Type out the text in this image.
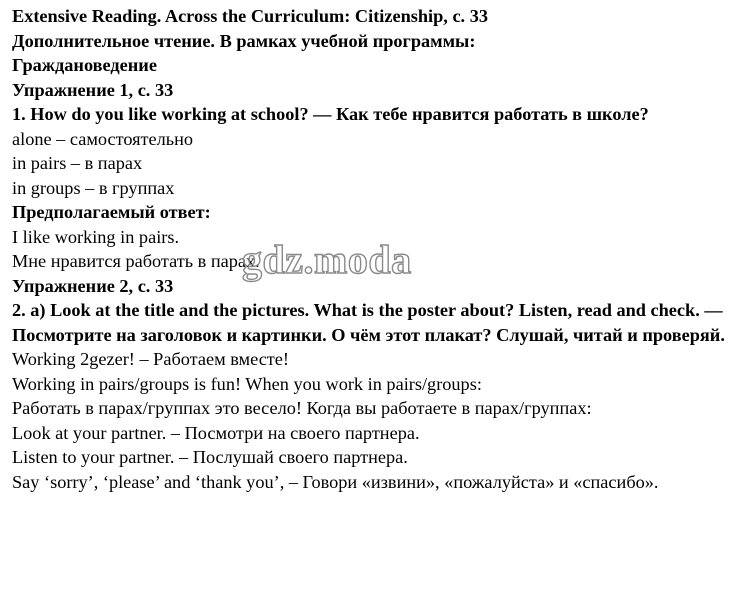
Extensive Reading. Across the Curriculum: Citizenship, с. 33

Дополнительное чтение. В рамках учебной программы:

Граждановедение

Упражнение 1, с. 33

1. How do you like working at school? — Как тебе нравится работать в школе?

alone – самостоятельно

in pairs – в парах

in groups – в группах

Предполагаемый ответ:

I like working in pairs.

Мне нравится работать в парах.

Упражнение 2, с. 33

2. a) Look at the title and the pictures. What is the poster about? Listen, read and check. — Посмотрите на заголовок и картинки. О чём этот плакат? Слушай, читай и проверяй.

Working 2gezer! – Работаем вместе!

Working in pairs/groups is fun! When you work in pairs/groups:

Работать в парах/группах это весело! Когда вы работаете в парах/группах:

Look at your partner. – Посмотри на своего партнера.

Listen to your partner. – Послушай своего партнера.

Say ‘sorry’, ‘please’ and ‘thank you’, – Говори «извини», «пожалуйста» и «спасибо».

gdz.moda
